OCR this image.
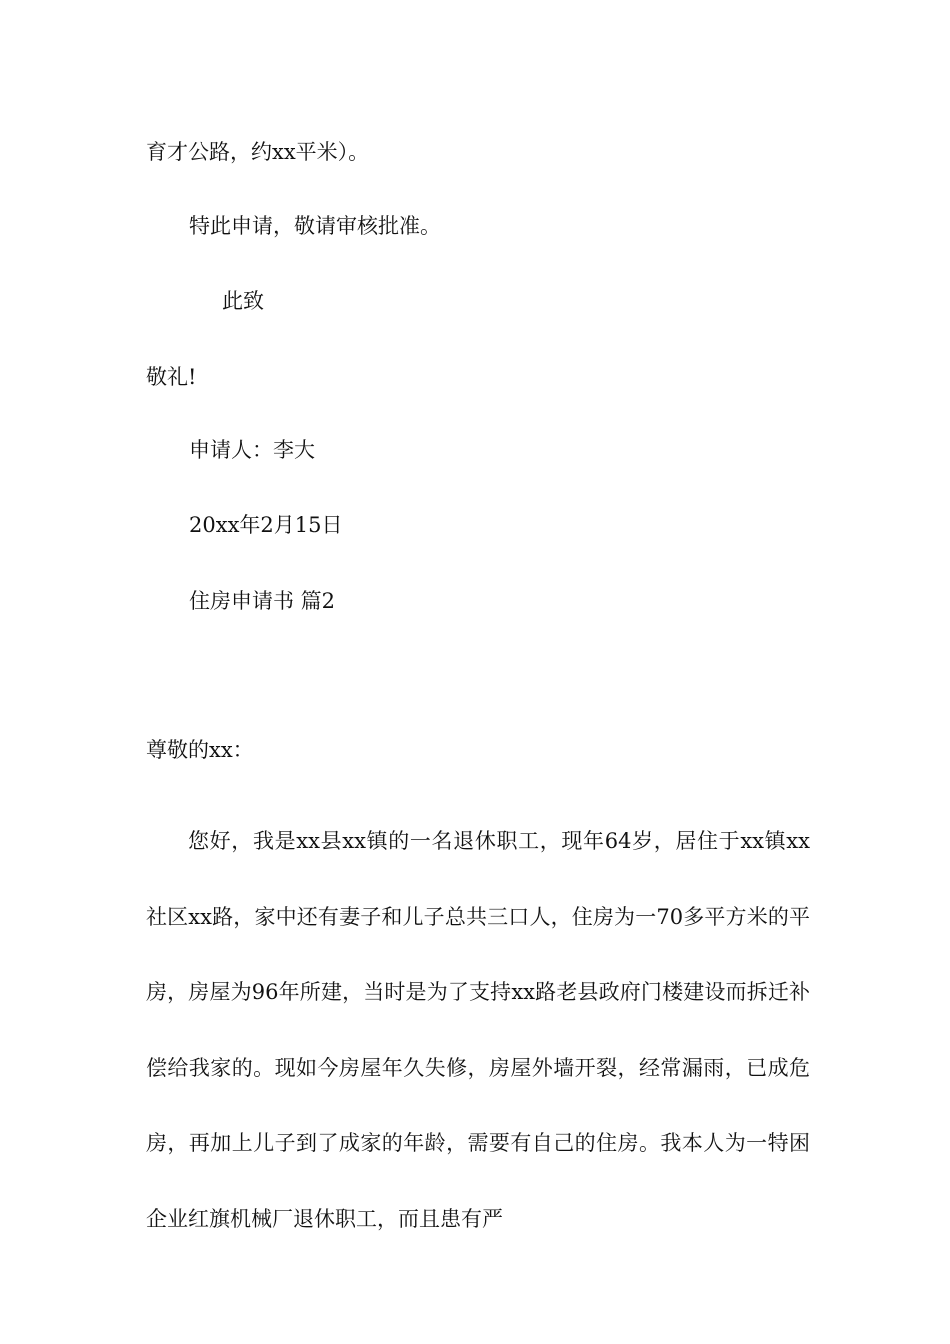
育才公路，约xx平米）。
特此申请，敬请审核批准。
此致
敬礼!
申请人：李大
20xx年2月15日
住房申请书 篇2
尊敬的xx：
您好，我是xx县xx镇的一名退休职工，现年64岁，居住于xx镇xx社区xx路，家中还有妻子和儿子总共三口人，住房为一70多平方米的平房，房屋为96年所建，当时是为了支持xx路老县政府门楼建设而拆迁补偿给我家的。现如今房屋年久失修，房屋外墙开裂，经常漏雨，已成危房，再加上儿子到了成家的年龄，需要有自己的住房。我本人为一特困企业红旗机械厂退休职工，而且患有严
